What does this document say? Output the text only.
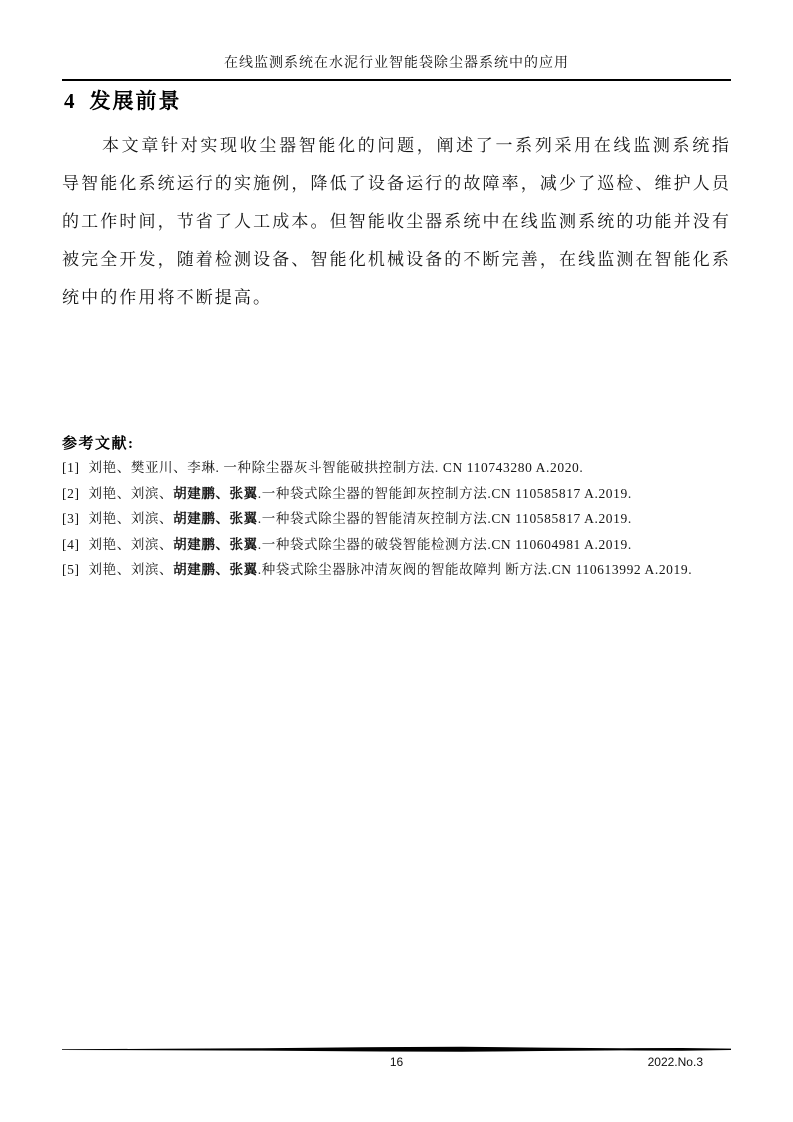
在线监测系统在水泥行业智能袋除尘器系统中的应用
4 发展前景

本文章针对实现收尘器智能化的问题，阐述了一系列采用在线监测系统指导智能化系统运行的实施例，降低了设备运行的故障率，减少了巡检、维护人员的工作时间，节省了人工成本。但智能收尘器系统中在线监测系统的功能并没有被完全开发，随着检测设备、智能化机械设备的不断完善，在线监测在智能化系统中的作用将不断提高。

参考文献:
[1] 刘艳、樊亚川、李琳. 一种除尘器灰斗智能破拱控制方法. CN 110743280 A.2020.
[2] 刘艳、刘滨、胡建鹏、张翼.一种袋式除尘器的智能卸灰控制方法.CN 110585817 A.2019.
[3] 刘艳、刘滨、胡建鹏、张翼.一种袋式除尘器的智能清灰控制方法.CN 110585817 A.2019.
[4] 刘艳、刘滨、胡建鹏、张翼.一种袋式除尘器的破袋智能检测方法.CN 110604981 A.2019.
[5] 刘艳、刘滨、胡建鹏、张翼.种袋式除尘器脉冲清灰阀的智能故障判 断方法.CN 110613992 A.2019.
16	2022.No.3
